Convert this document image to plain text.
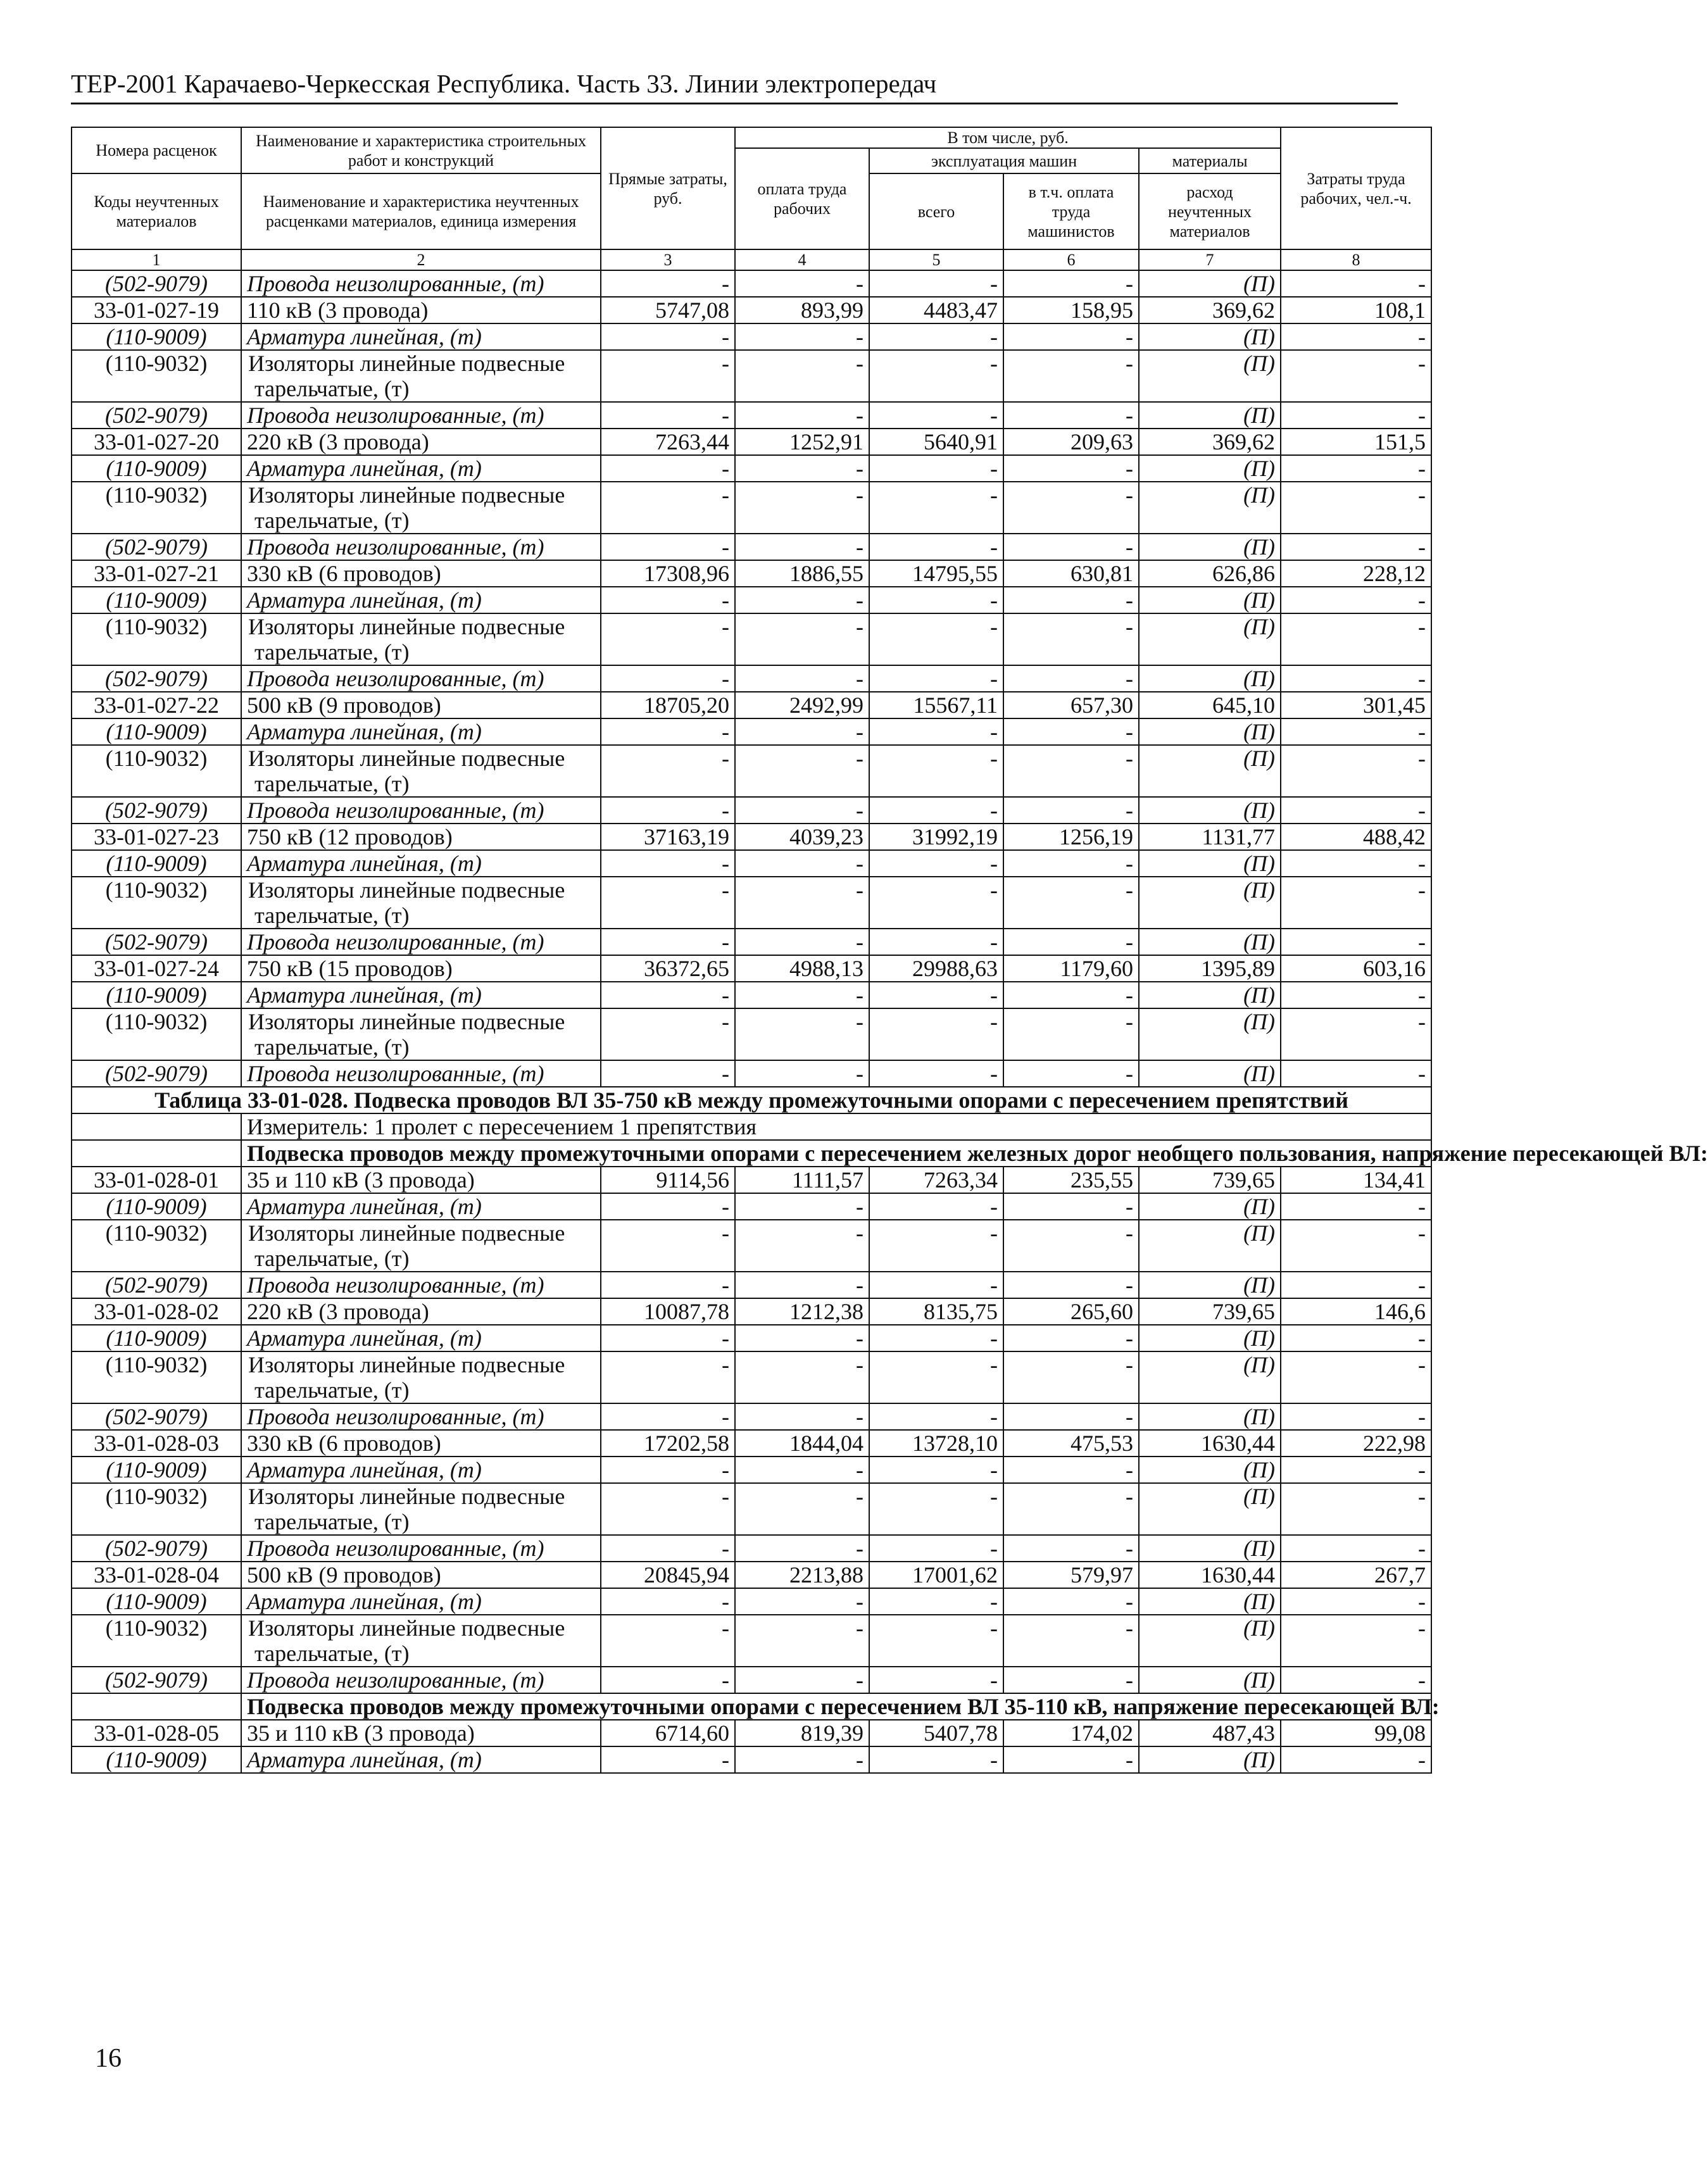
ТЕР-2001 Карачаево-Черкесская Республика. Часть 33. Линии электропередач
Номера расценок	Наименование и характеристика строительных работ и конструкций	Прямые затраты, руб.	В том числе, руб.				Затраты труда рабочих, чел.-ч.
			оплата труда рабочих	эксплуатация машин		материалы	
Коды неучтенных материалов	Наименование и характеристика неучтенных расценками материалов, единица измерения			всего	в т.ч. оплата труда машинистов	расход неучтенных материалов	

1	2	3	4	5	6	7	8
(502-9079)	Провода неизолированные, (т)	-	-	-	-	(П)	-
33-01-027-19	110 кВ (3 провода)	5747,08	893,99	4483,47	158,95	369,62	108,1
(110-9009)	Арматура линейная, (т)	-	-	-	-	(П)	-
(110-9032)	Изоляторы линейные подвесные тарельчатые, (т)	-	-	-	-	(П)	-
(502-9079)	Провода неизолированные, (т)	-	-	-	-	(П)	-
33-01-027-20	220 кВ (3 провода)	7263,44	1252,91	5640,91	209,63	369,62	151,5
(110-9009)	Арматура линейная, (т)	-	-	-	-	(П)	-
(110-9032)	Изоляторы линейные подвесные тарельчатые, (т)	-	-	-	-	(П)	-
(502-9079)	Провода неизолированные, (т)	-	-	-	-	(П)	-
33-01-027-21	330 кВ (6 проводов)	17308,96	1886,55	14795,55	630,81	626,86	228,12
(110-9009)	Арматура линейная, (т)	-	-	-	-	(П)	-
(110-9032)	Изоляторы линейные подвесные тарельчатые, (т)	-	-	-	-	(П)	-
(502-9079)	Провода неизолированные, (т)	-	-	-	-	(П)	-
33-01-027-22	500 кВ (9 проводов)	18705,20	2492,99	15567,11	657,30	645,10	301,45
(110-9009)	Арматура линейная, (т)	-	-	-	-	(П)	-
(110-9032)	Изоляторы линейные подвесные тарельчатые, (т)	-	-	-	-	(П)	-
(502-9079)	Провода неизолированные, (т)	-	-	-	-	(П)	-
33-01-027-23	750 кВ (12 проводов)	37163,19	4039,23	31992,19	1256,19	1131,77	488,42
(110-9009)	Арматура линейная, (т)	-	-	-	-	(П)	-
(110-9032)	Изоляторы линейные подвесные тарельчатые, (т)	-	-	-	-	(П)	-
(502-9079)	Провода неизолированные, (т)	-	-	-	-	(П)	-
33-01-027-24	750 кВ (15 проводов)	36372,65	4988,13	29988,63	1179,60	1395,89	603,16
(110-9009)	Арматура линейная, (т)	-	-	-	-	(П)	-
(110-9032)	Изоляторы линейные подвесные тарельчатые, (т)	-	-	-	-	(П)	-
(502-9079)	Провода неизолированные, (т)	-	-	-	-	(П)	-
Таблица 33-01-028. Подвеска проводов ВЛ 35-750 кВ между промежуточными опорами с пересечением препятствий							
	Измеритель: 1 пролет с пересечением 1 препятствия						
	Подвеска проводов между промежуточными опорами с пересечением железных дорог необщего пользования, напряжение пересекающей ВЛ:						
33-01-028-01	35 и 110 кВ (3 провода)	9114,56	1111,57	7263,34	235,55	739,65	134,41
(110-9009)	Арматура линейная, (т)	-	-	-	-	(П)	-
(110-9032)	Изоляторы линейные подвесные тарельчатые, (т)	-	-	-	-	(П)	-
(502-9079)	Провода неизолированные, (т)	-	-	-	-	(П)	-
33-01-028-02	220 кВ (3 провода)	10087,78	1212,38	8135,75	265,60	739,65	146,6
(110-9009)	Арматура линейная, (т)	-	-	-	-	(П)	-
(110-9032)	Изоляторы линейные подвесные тарельчатые, (т)	-	-	-	-	(П)	-
(502-9079)	Провода неизолированные, (т)	-	-	-	-	(П)	-
33-01-028-03	330 кВ (6 проводов)	17202,58	1844,04	13728,10	475,53	1630,44	222,98
(110-9009)	Арматура линейная, (т)	-	-	-	-	(П)	-
(110-9032)	Изоляторы линейные подвесные тарельчатые, (т)	-	-	-	-	(П)	-
(502-9079)	Провода неизолированные, (т)	-	-	-	-	(П)	-
33-01-028-04	500 кВ (9 проводов)	20845,94	2213,88	17001,62	579,97	1630,44	267,7
(110-9009)	Арматура линейная, (т)	-	-	-	-	(П)	-
(110-9032)	Изоляторы линейные подвесные тарельчатые, (т)	-	-	-	-	(П)	-
(502-9079)	Провода неизолированные, (т)	-	-	-	-	(П)	-
	Подвеска проводов между промежуточными опорами с пересечением ВЛ 35-110 кВ, напряжение пересекающей ВЛ:						
33-01-028-05	35 и 110 кВ (3 провода)	6714,60	819,39	5407,78	174,02	487,43	99,08
(110-9009)	Арматура линейная, (т)	-	-	-	-	(П)	-
16
